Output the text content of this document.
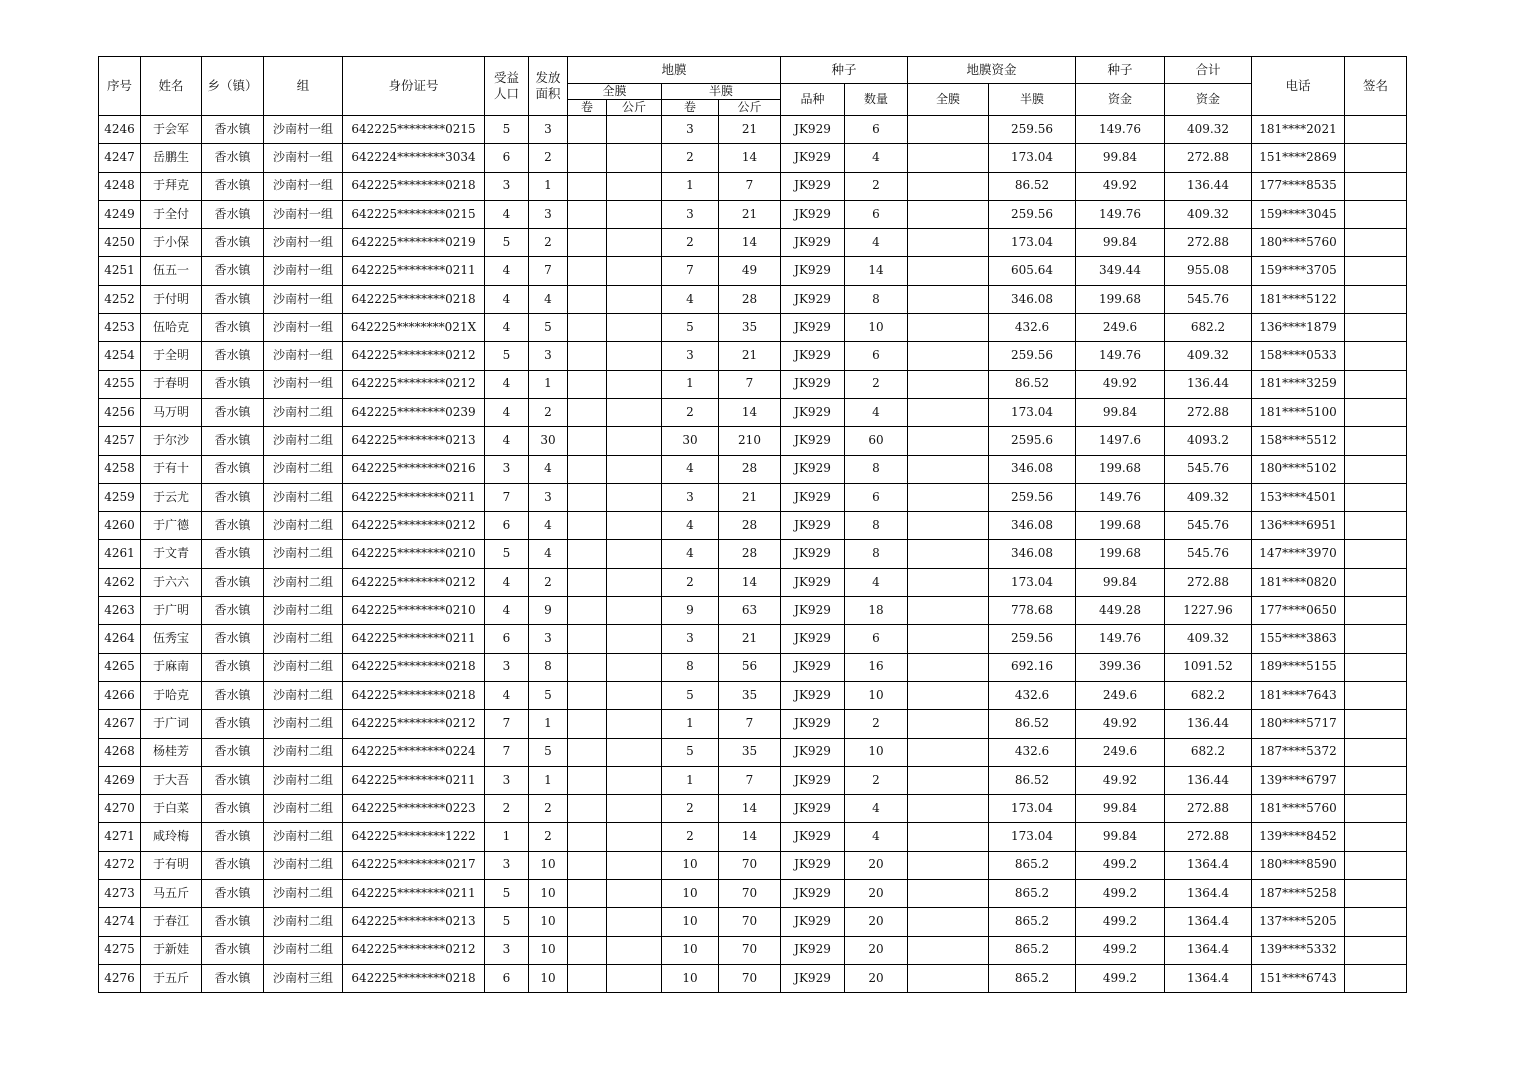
序号	姓名	乡（镇）	组	身份证号	受益人口	发放面积	地膜				种子		地膜资金		种子	合计	电话	签名
							全膜		半膜		品种	数量	全膜	半膜	资金	资金		
							卷	公斤	卷	公斤								
4246	于会军	香水镇	沙南村一组	642225********0215	5	3			3	21	JK929	6		259.56	149.76	409.32	181****2021	
4247	岳鹏生	香水镇	沙南村一组	642224********3034	6	2			2	14	JK929	4		173.04	99.84	272.88	151****2869	
4248	于拜克	香水镇	沙南村一组	642225********0218	3	1			1	7	JK929	2		86.52	49.92	136.44	177****8535	
4249	于全付	香水镇	沙南村一组	642225********0215	4	3			3	21	JK929	6		259.56	149.76	409.32	159****3045	
4250	于小保	香水镇	沙南村一组	642225********0219	5	2			2	14	JK929	4		173.04	99.84	272.88	180****5760	
4251	伍五一	香水镇	沙南村一组	642225********0211	4	7			7	49	JK929	14		605.64	349.44	955.08	159****3705	
4252	于付明	香水镇	沙南村一组	642225********0218	4	4			4	28	JK929	8		346.08	199.68	545.76	181****5122	
4253	伍哈克	香水镇	沙南村一组	642225********021X	4	5			5	35	JK929	10		432.6	249.6	682.2	136****1879	
4254	于全明	香水镇	沙南村一组	642225********0212	5	3			3	21	JK929	6		259.56	149.76	409.32	158****0533	
4255	于春明	香水镇	沙南村一组	642225********0212	4	1			1	7	JK929	2		86.52	49.92	136.44	181****3259	
4256	马万明	香水镇	沙南村二组	642225********0239	4	2			2	14	JK929	4		173.04	99.84	272.88	181****5100	
4257	于尔沙	香水镇	沙南村二组	642225********0213	4	30			30	210	JK929	60		2595.6	1497.6	4093.2	158****5512	
4258	于有十	香水镇	沙南村二组	642225********0216	3	4			4	28	JK929	8		346.08	199.68	545.76	180****5102	
4259	于云尤	香水镇	沙南村二组	642225********0211	7	3			3	21	JK929	6		259.56	149.76	409.32	153****4501	
4260	于广德	香水镇	沙南村二组	642225********0212	6	4			4	28	JK929	8		346.08	199.68	545.76	136****6951	
4261	于文青	香水镇	沙南村二组	642225********0210	5	4			4	28	JK929	8		346.08	199.68	545.76	147****3970	
4262	于六六	香水镇	沙南村二组	642225********0212	4	2			2	14	JK929	4		173.04	99.84	272.88	181****0820	
4263	于广明	香水镇	沙南村二组	642225********0210	4	9			9	63	JK929	18		778.68	449.28	1227.96	177****0650	
4264	伍秀宝	香水镇	沙南村二组	642225********0211	6	3			3	21	JK929	6		259.56	149.76	409.32	155****3863	
4265	于麻南	香水镇	沙南村二组	642225********0218	3	8			8	56	JK929	16		692.16	399.36	1091.52	189****5155	
4266	于哈克	香水镇	沙南村二组	642225********0218	4	5			5	35	JK929	10		432.6	249.6	682.2	181****7643	
4267	于广词	香水镇	沙南村二组	642225********0212	7	1			1	7	JK929	2		86.52	49.92	136.44	180****5717	
4268	杨桂芳	香水镇	沙南村二组	642225********0224	7	5			5	35	JK929	10		432.6	249.6	682.2	187****5372	
4269	于大吾	香水镇	沙南村二组	642225********0211	3	1			1	7	JK929	2		86.52	49.92	136.44	139****6797	
4270	于白菜	香水镇	沙南村二组	642225********0223	2	2			2	14	JK929	4		173.04	99.84	272.88	181****5760	
4271	咸玲梅	香水镇	沙南村二组	642225********1222	1	2			2	14	JK929	4		173.04	99.84	272.88	139****8452	
4272	于有明	香水镇	沙南村二组	642225********0217	3	10			10	70	JK929	20		865.2	499.2	1364.4	180****8590	
4273	马五斤	香水镇	沙南村二组	642225********0211	5	10			10	70	JK929	20		865.2	499.2	1364.4	187****5258	
4274	于春江	香水镇	沙南村二组	642225********0213	5	10			10	70	JK929	20		865.2	499.2	1364.4	137****5205	
4275	于新娃	香水镇	沙南村二组	642225********0212	3	10			10	70	JK929	20		865.2	499.2	1364.4	139****5332	
4276	于五斤	香水镇	沙南村三组	642225********0218	6	10			10	70	JK929	20		865.2	499.2	1364.4	151****6743	
